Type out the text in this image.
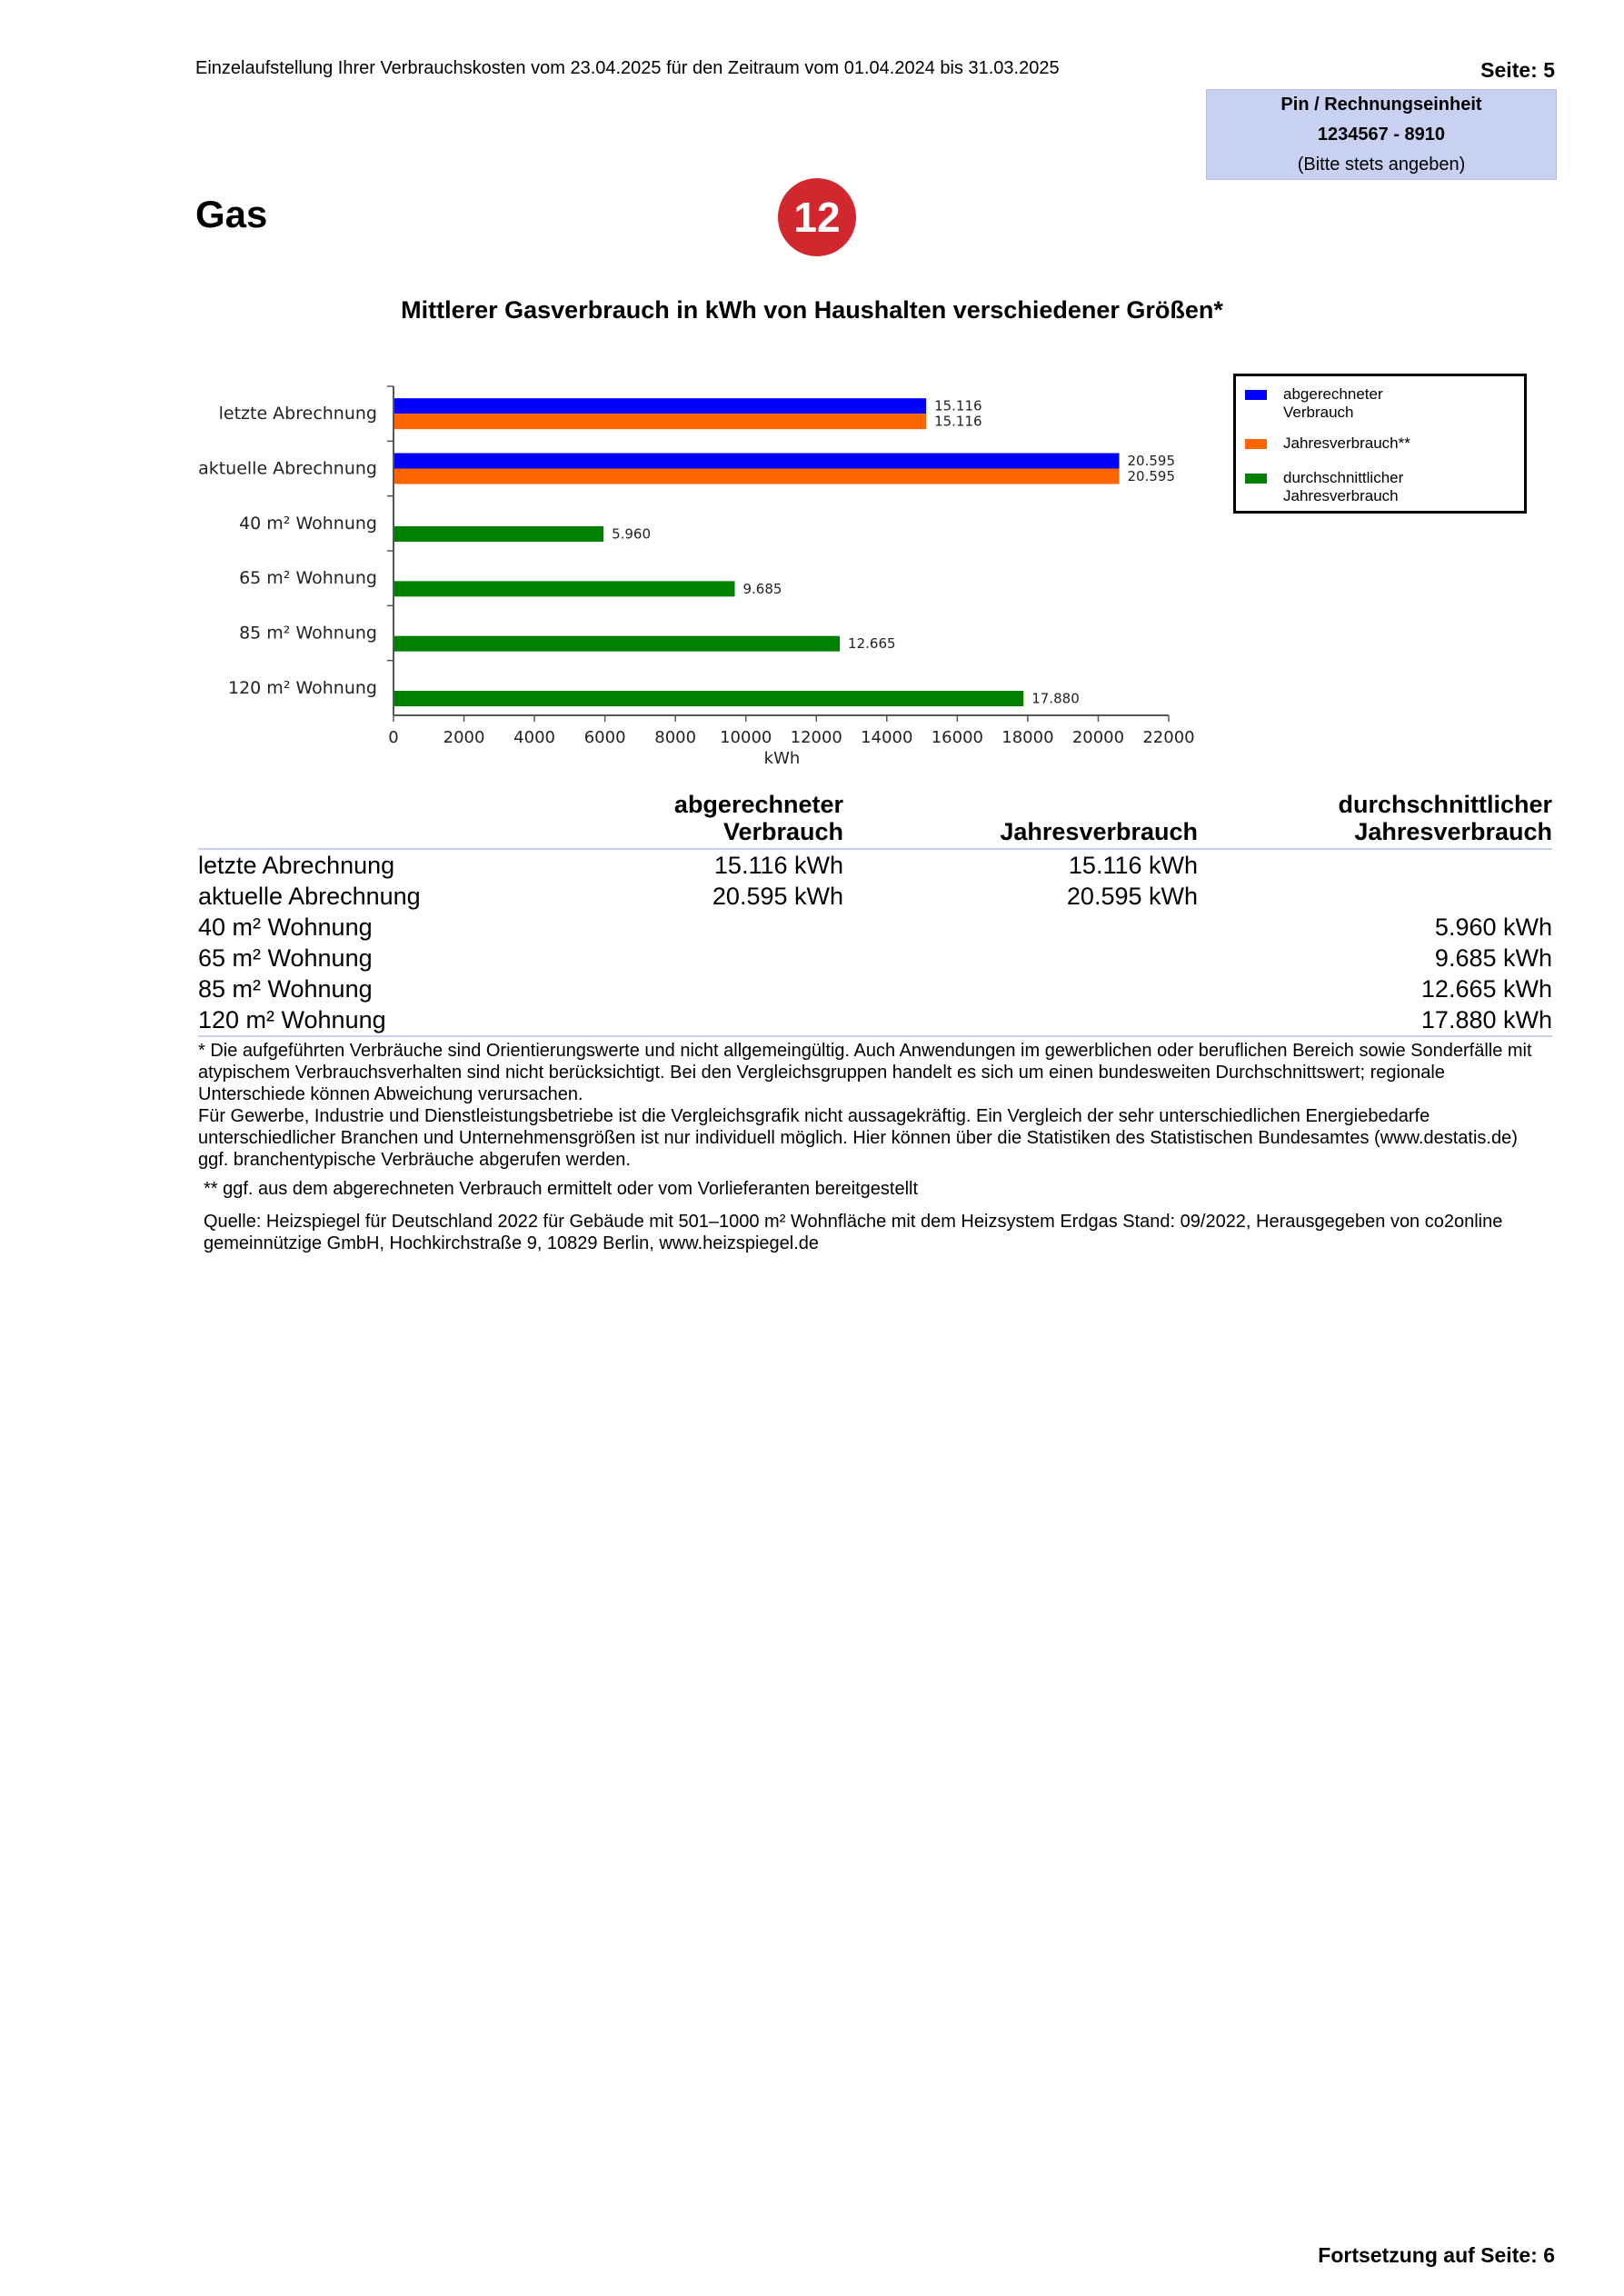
Einzelaufstellung Ihrer Verbrauchskosten vom 23.04.2025 für den Zeitraum vom 01.04.2024 bis 31.03.2025	Seite: 5
Pin / Rechnungseinheit
1234567 - 8910
(Bitte stets angeben)
Gas	12
Mittlerer Gasverbrauch in kWh von Haushalten verschiedener Größen*
0	2000 4000 6000 8000 10000 12000 14000 16000 18000 20000 22000
kWh
letzte Abrechnung	15.116
15.116
aktuelle Abrechnung	20.595
20.595
40 m² Wohnung
5.960
65 m² Wohnung
9.685
85 m² Wohnung
12.665
120 m² Wohnung
17.880
abgerechneter
Verbrauch
Jahresverbrauch**
durchschnittlicher
Jahresverbrauch
	abgerechneter
Verbrauch	Jahresverbrauch	durchschnittlicher
Jahresverbrauch
letzte Abrechnung	15.116 kWh	15.116 kWh	
aktuelle Abrechnung	20.595 kWh	20.595 kWh	
40 m² Wohnung			5.960 kWh
65 m² Wohnung			9.685 kWh
85 m² Wohnung			12.665 kWh
120 m² Wohnung			17.880 kWh
* Die aufgeführten Verbräuche sind Orientierungswerte und nicht allgemeingültig. Auch Anwendungen im gewerblichen oder beruflichen Bereich sowie Sonderfälle mit atypischem Verbrauchsverhalten sind nicht berücksichtigt. Bei den Vergleichsgruppen handelt es sich um einen bundesweiten Durchschnittswert; regionale Unterschiede können Abweichung verursachen.
Für Gewerbe, Industrie und Dienstleistungsbetriebe ist die Vergleichsgrafik nicht aussagekräftig. Ein Vergleich der sehr unterschiedlichen Energiebedarfe unterschiedlicher Branchen und Unternehmensgrößen ist nur individuell möglich. Hier können über die Statistiken des Statistischen Bundesamtes (www.destatis.de) ggf. branchentypische Verbräuche abgerufen werden.
** ggf. aus dem abgerechneten Verbrauch ermittelt oder vom Vorlieferanten bereitgestellt
Quelle: Heizspiegel für Deutschland 2022 für Gebäude mit 501–1000 m² Wohnfläche mit dem Heizsystem Erdgas Stand: 09/2022, Herausgegeben von co2online gemeinnützige GmbH, Hochkirchstraße 9, 10829 Berlin, www.heizspiegel.de
Fortsetzung auf Seite: 6
